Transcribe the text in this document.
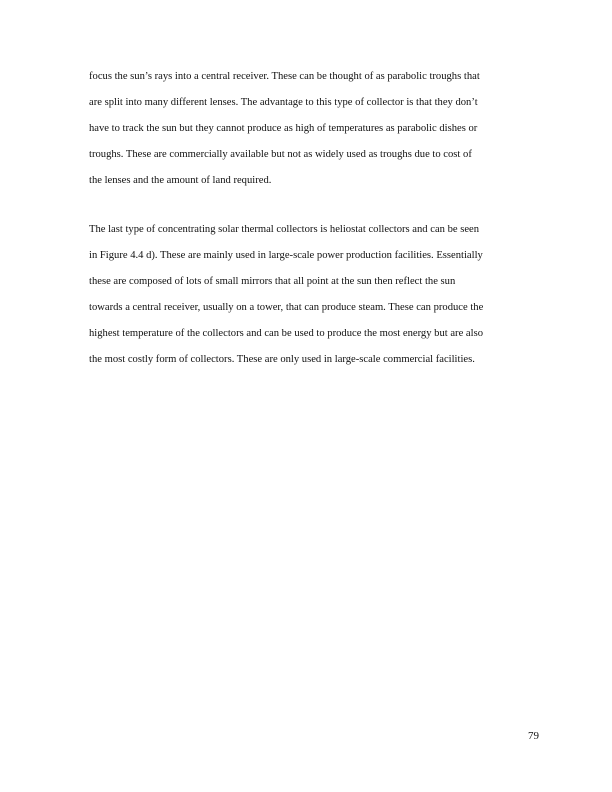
focus the sun’s rays into a central receiver. These can be thought of as parabolic troughs that
are split into many different lenses. The advantage to this type of collector is that they don’t
have to track the sun but they cannot produce as high of temperatures as parabolic dishes or
troughs. These are commercially available but not as widely used as troughs due to cost of
the lenses and the amount of land required.

The last type of concentrating solar thermal collectors is heliostat collectors and can be seen
in Figure 4.4 d). These are mainly used in large-scale power production facilities. Essentially
these are composed of lots of small mirrors that all point at the sun then reflect the sun
towards a central receiver, usually on a tower, that can produce steam. These can produce the
highest temperature of the collectors and can be used to produce the most energy but are also
the most costly form of collectors. These are only used in large-scale commercial facilities.

79
